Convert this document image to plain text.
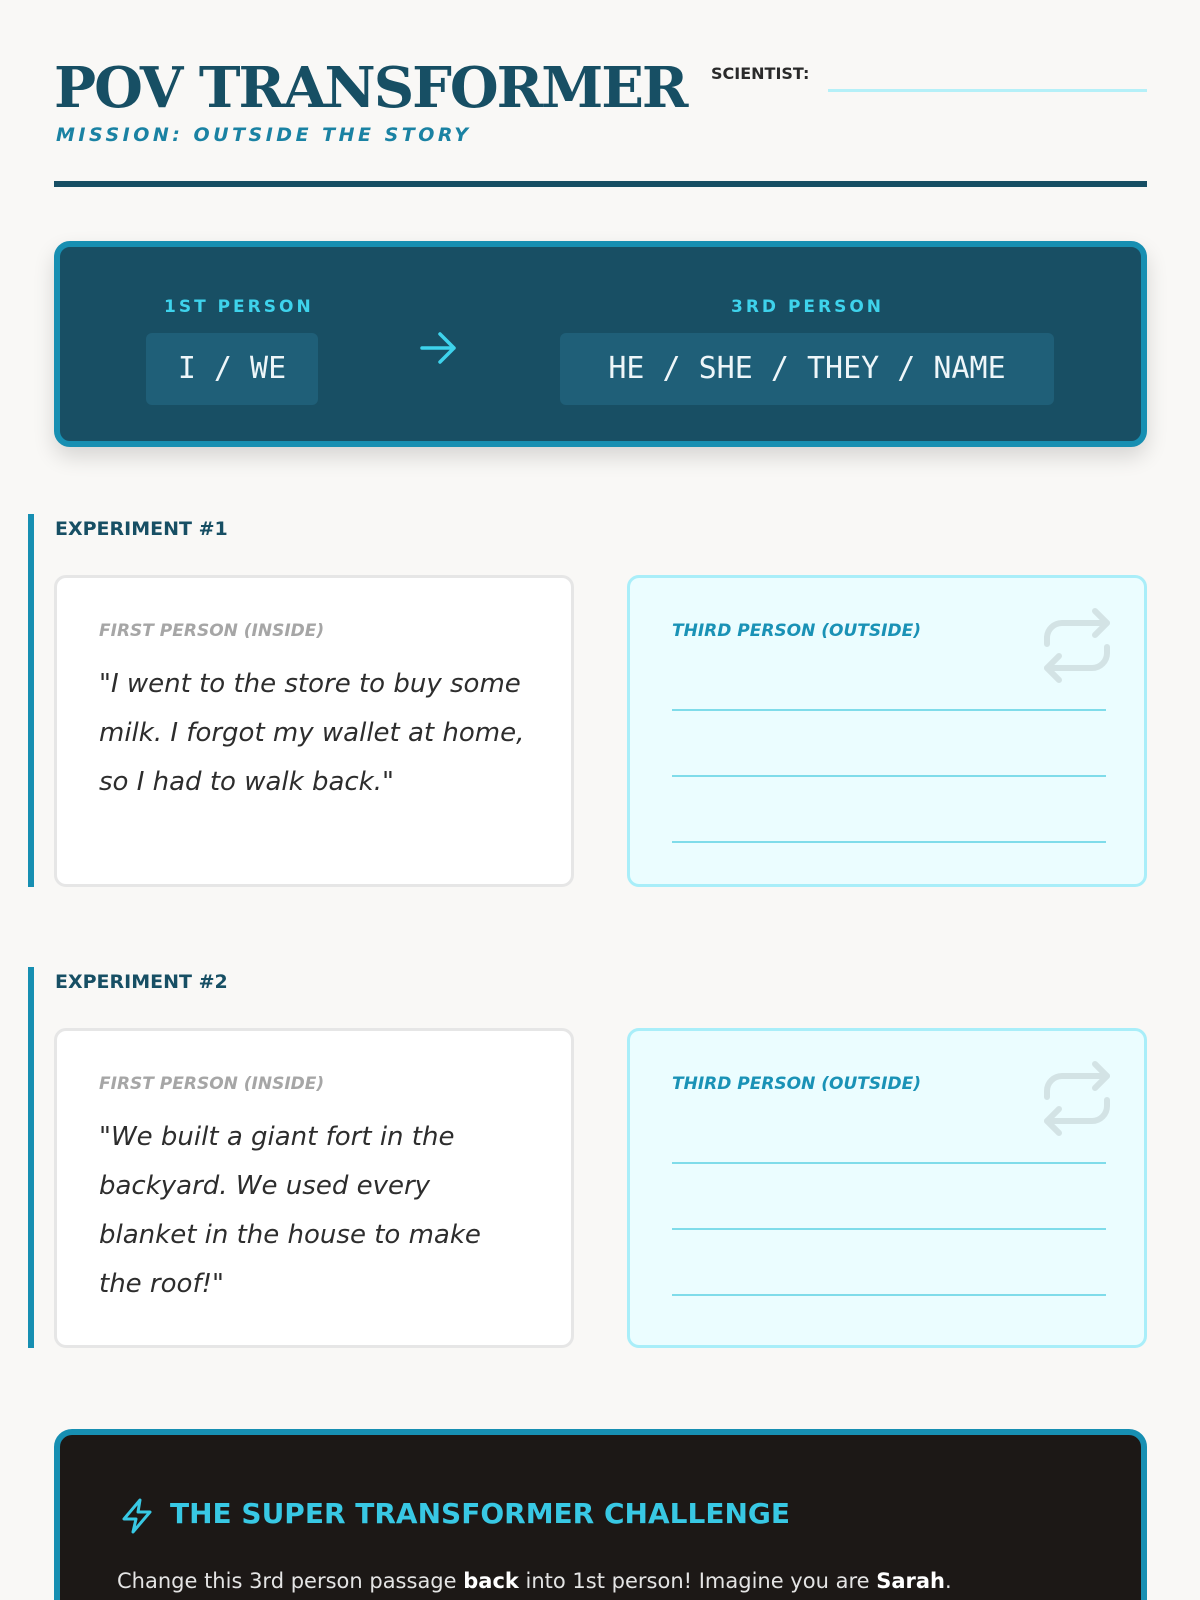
POV TRANSFORMER
MISSION: OUTSIDE THE STORY
SCIENTIST:
1ST PERSON
I / WE
3RD PERSON
HE / SHE / THEY / NAME
EXPERIMENT #1
FIRST PERSON (INSIDE)
"I went to the store to buy some milk. I forgot my wallet at home, so I had to walk back."
THIRD PERSON (OUTSIDE)
EXPERIMENT #2
FIRST PERSON (INSIDE)
"We built a giant fort in the backyard. We used every blanket in the house to make the roof!"
THIRD PERSON (OUTSIDE)
THE SUPER TRANSFORMER CHALLENGE
Change this 3rd person passage back into 1st person! Imagine you are Sarah.
